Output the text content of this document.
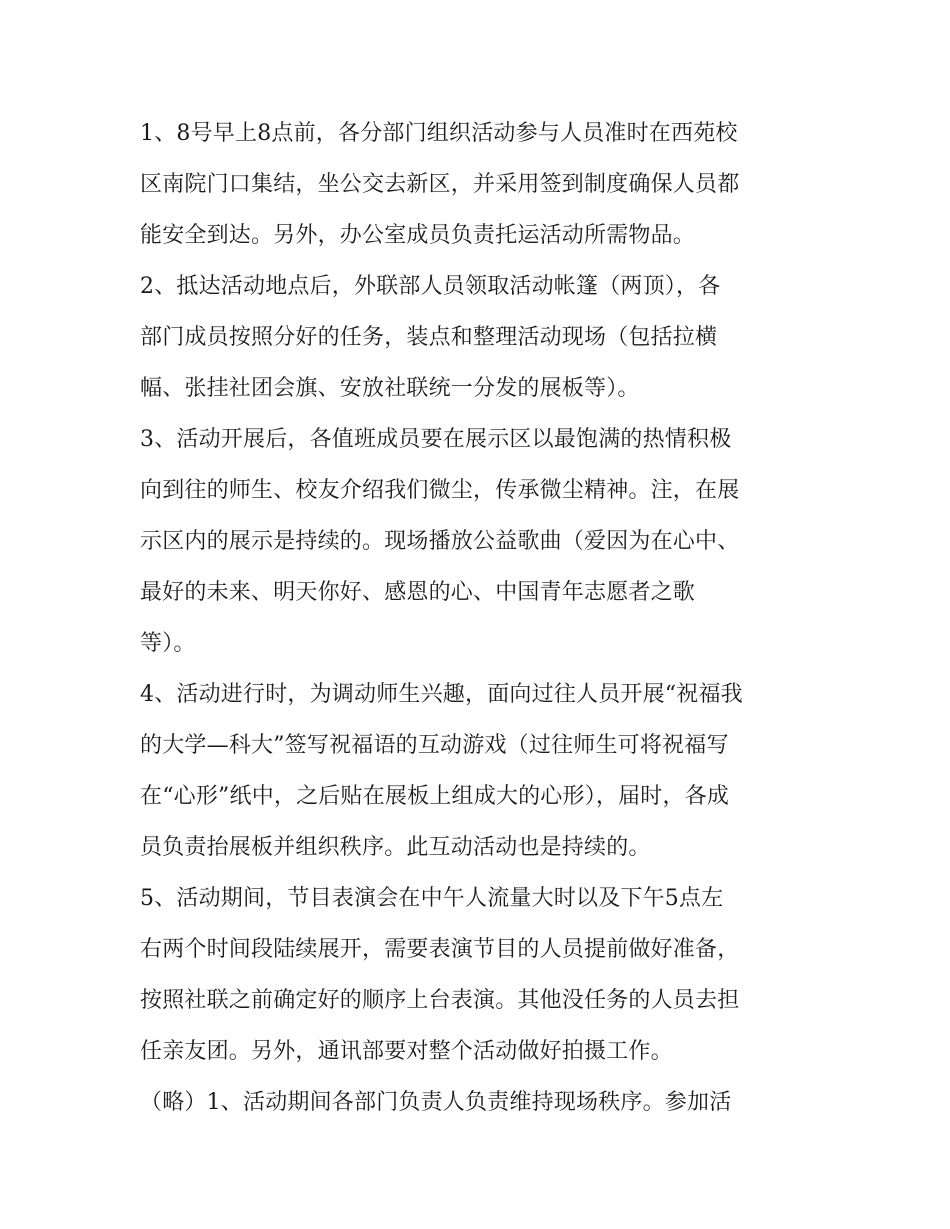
1、8号早上8点前，各分部门组织活动参与人员准时在西苑校
区南院门口集结，坐公交去新区，并采用签到制度确保人员都
能安全到达。另外，办公室成员负责托运活动所需物品。
2、抵达活动地点后，外联部人员领取活动帐篷（两顶），各
部门成员按照分好的任务，装点和整理活动现场（包括拉横
幅、张挂社团会旗、安放社联统一分发的展板等）。
3、活动开展后，各值班成员要在展示区以最饱满的热情积极
向到往的师生、校友介绍我们微尘，传承微尘精神。注，在展
示区内的展示是持续的。现场播放公益歌曲（爱因为在心中、
最好的未来、明天你好、感恩的心、中国青年志愿者之歌
等）。
4、活动进行时，为调动师生兴趣，面向过往人员开展“祝福我
的大学—科大”签写祝福语的互动游戏（过往师生可将祝福写
在“心形”纸中，之后贴在展板上组成大的心形），届时，各成
员负责抬展板并组织秩序。此互动活动也是持续的。
5、活动期间，节目表演会在中午人流量大时以及下午5点左
右两个时间段陆续展开，需要表演节目的人员提前做好准备，
按照社联之前确定好的顺序上台表演。其他没任务的人员去担
任亲友团。另外，通讯部要对整个活动做好拍摄工作。
（略）1、活动期间各部门负责人负责维持现场秩序。参加活
